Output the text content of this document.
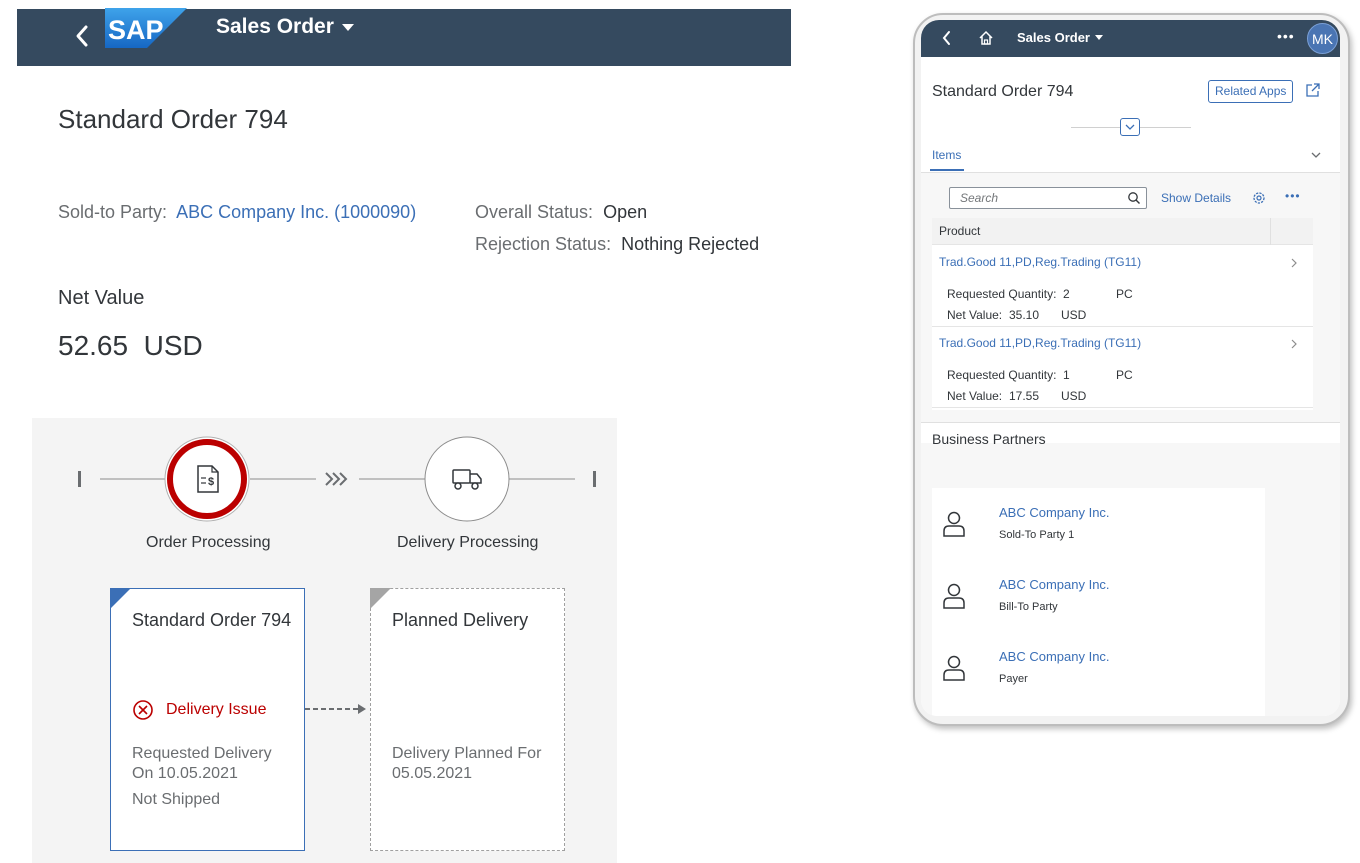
SAP Sales Order
Standard Order 794
Sold-to Party: ABC Company Inc. (1000090)	Overall Status: Open
Rejection Status: Nothing Rejected
Net Value
52.65 USD
$
Order Processing	Delivery Processing
Standard Order 794
Delivery Issue
Requested Delivery On 10.05.2021
Not Shipped
Planned Delivery
Delivery Planned For 05.05.2021
Sales Order	•••	MK
Standard Order 794	Related Apps
Items
Search	Show Details	•••
Product
Trad.Good 11,PD,Reg.Trading (TG11)
Requested Quantity: 2	PC
Net Value: 35.10 USD
Trad.Good 11,PD,Reg.Trading (TG11)
Requested Quantity: 1	PC
Net Value: 17.55 USD
Business Partners
ABC Company Inc.
Sold-To Party 1
ABC Company Inc.
Bill-To Party
ABC Company Inc.
Payer
